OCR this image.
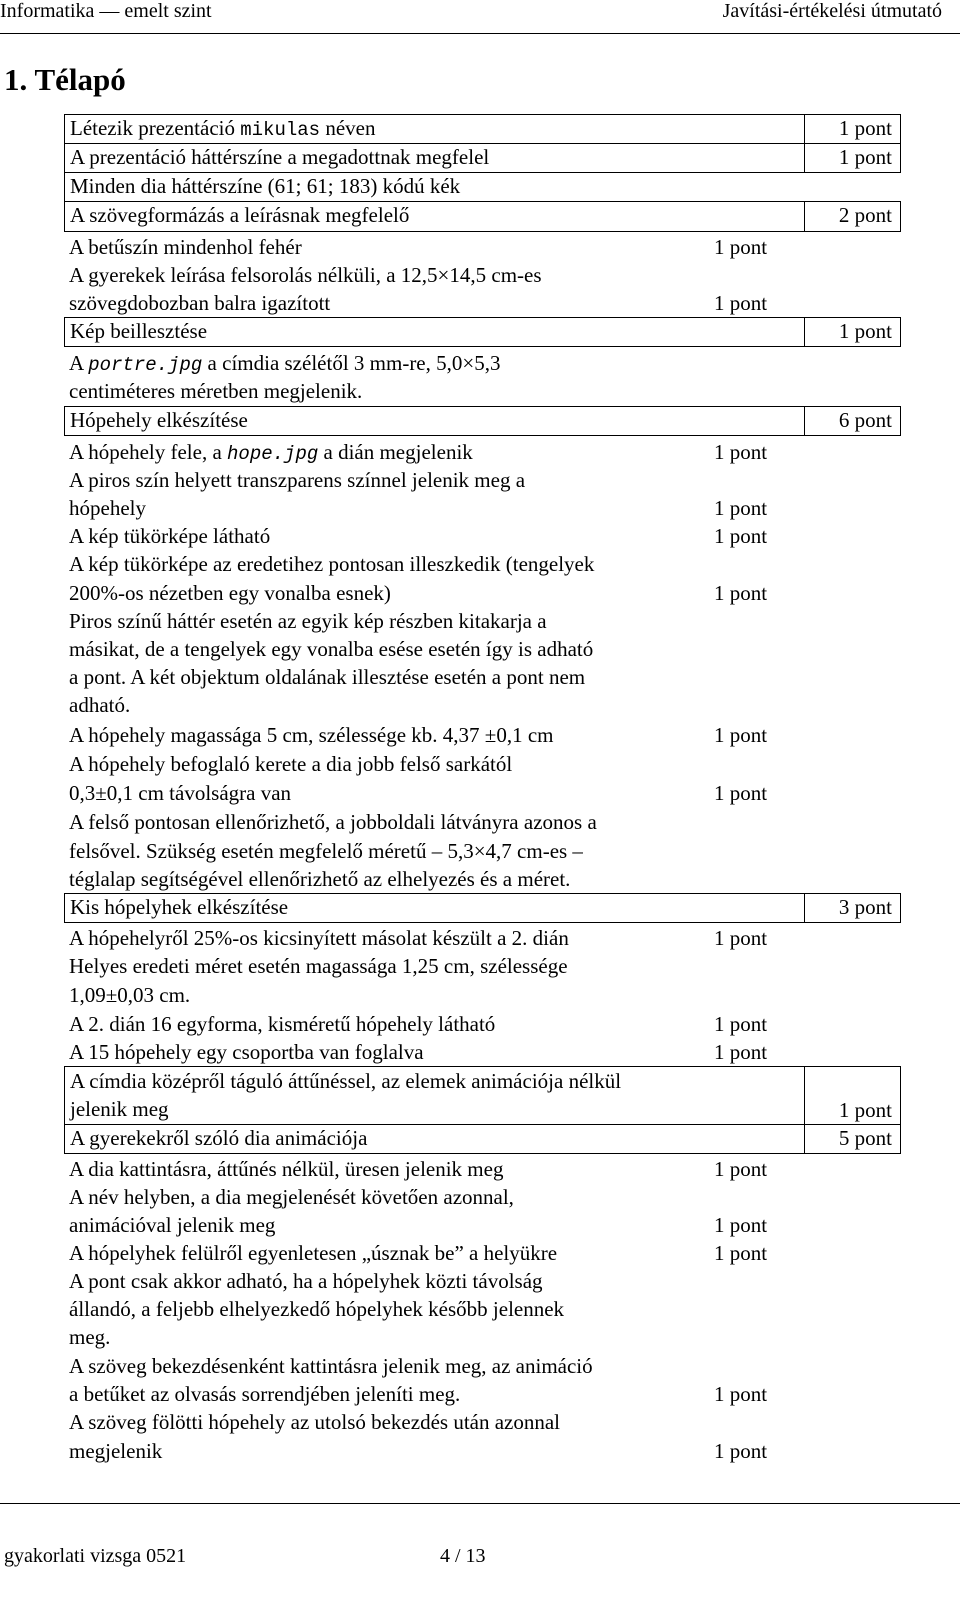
Informatika — emelt szint	Javítási-értékelési útmutató
1. Télapó
Létezik prezentáció mikulas néven	1 pont
A prezentáció háttérszíne a megadottnak megfelel	1 pont
Minden dia háttérszíne (61; 61; 183) kódú kék
A szövegformázás a leírásnak megfelelő	2 pont
A betűszín mindenhol fehér	1 pont
A gyerekek leírása felsorolás nélküli, a 12,5×14,5 cm-es
szövegdobozban balra igazított	1 pont
Kép beillesztése	1 pont
A portre.jpg a címdia szélétől 3 mm-re, 5,0×5,3
centiméteres méretben megjelenik.
Hópehely elkészítése	6 pont
A hópehely fele, a hope.jpg a dián megjelenik	1 pont
A piros szín helyett transzparens színnel jelenik meg a
hópehely	1 pont
A kép tükörképe látható	1 pont
A kép tükörképe az eredetihez pontosan illeszkedik (tengelyek
200%-os nézetben egy vonalba esnek)	1 pont
Piros színű háttér esetén az egyik kép részben kitakarja a
másikat, de a tengelyek egy vonalba esése esetén így is adható
a pont. A két objektum oldalának illesztése esetén a pont nem
adható.
A hópehely magassága 5 cm, szélessége kb. 4,37 ±0,1 cm	1 pont
A hópehely befoglaló kerete a dia jobb felső sarkától
0,3±0,1 cm távolságra van	1 pont
A felső pontosan ellenőrizhető, a jobboldali látványra azonos a
felsővel. Szükség esetén megfelelő méretű – 5,3×4,7 cm-es –
téglalap segítségével ellenőrizhető az elhelyezés és a méret.
Kis hópelyhek elkészítése	3 pont
A hópehelyről 25%-os kicsinyített másolat készült a 2. dián	1 pont
Helyes eredeti méret esetén magassága 1,25 cm, szélessége
1,09±0,03 cm.
A 2. dián 16 egyforma, kisméretű hópehely látható	1 pont
A 15 hópehely egy csoportba van foglalva	1 pont
A címdia középről táguló áttűnéssel, az elemek animációja nélkül
jelenik meg	1 pont
A gyerekekről szóló dia animációja	5 pont
A dia kattintásra, áttűnés nélkül, üresen jelenik meg	1 pont
A név helyben, a dia megjelenését követően azonnal,
animációval jelenik meg	1 pont
A hópelyhek felülről egyenletesen „úsznak be” a helyükre	1 pont
A pont csak akkor adható, ha a hópelyhek közti távolság
állandó, a feljebb elhelyezkedő hópelyhek később jelennek
meg.
A szöveg bekezdésenként kattintásra jelenik meg, az animáció
a betűket az olvasás sorrendjében jeleníti meg.	1 pont
A szöveg fölötti hópehely az utolsó bekezdés után azonnal
megjelenik	1 pont
gyakorlati vizsga 0521	4 / 13
